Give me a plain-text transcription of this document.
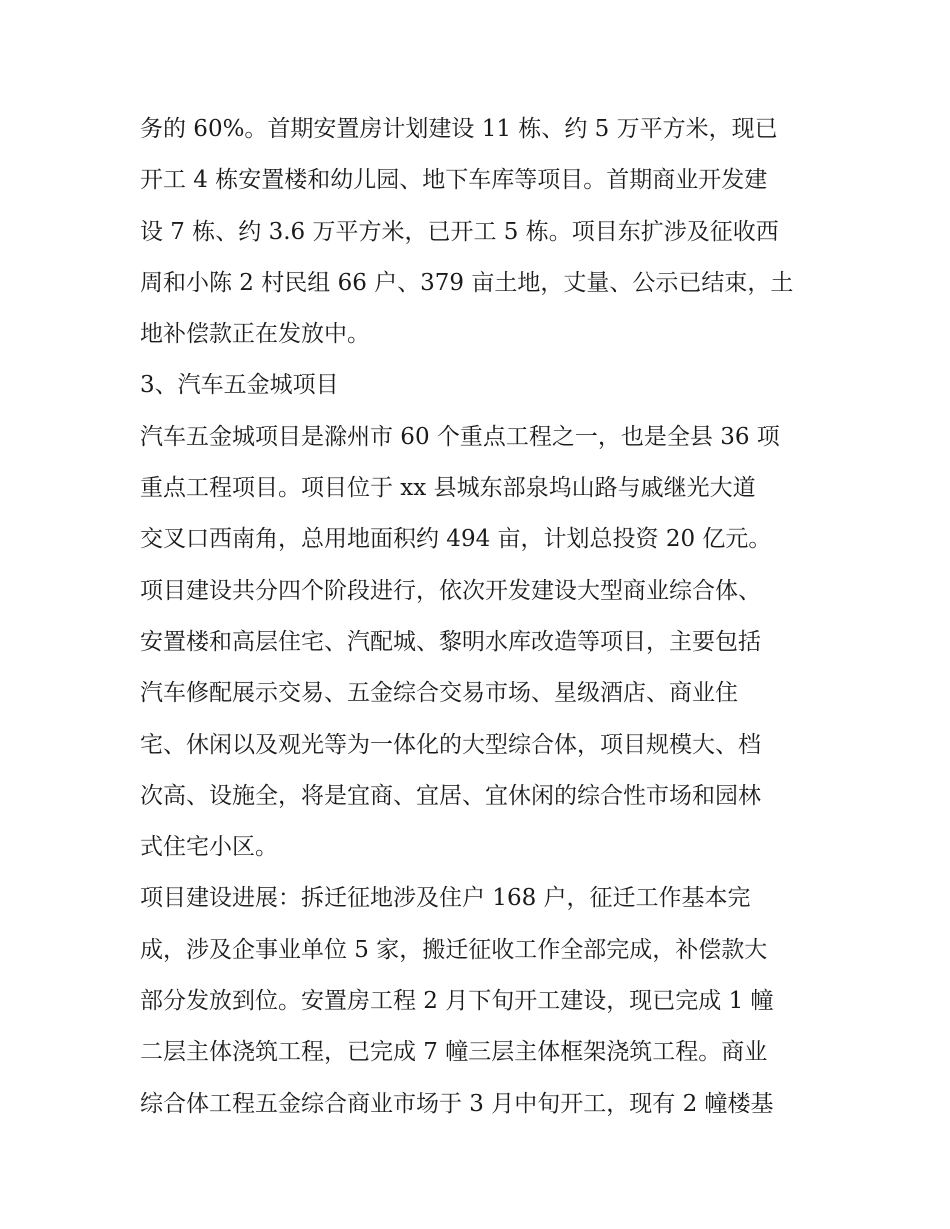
务的 60%。首期安置房计划建设 11 栋、约 5 万平方米，现已
开工 4 栋安置楼和幼儿园、地下车库等项目。首期商业开发建
设 7 栋、约 3.6 万平方米，已开工 5 栋。项目东扩涉及征收西
周和小陈 2 村民组 66 户、379 亩土地，丈量、公示已结束，土
地补偿款正在发放中。
3、汽车五金城项目
汽车五金城项目是滁州市 60 个重点工程之一，也是全县 36 项
重点工程项目。项目位于 xx 县城东部泉坞山路与戚继光大道
交叉口西南角，总用地面积约 494 亩，计划总投资 20 亿元。
项目建设共分四个阶段进行，依次开发建设大型商业综合体、
安置楼和高层住宅、汽配城、黎明水库改造等项目，主要包括
汽车修配展示交易、五金综合交易市场、星级酒店、商业住
宅、休闲以及观光等为一体化的大型综合体，项目规模大、档
次高、设施全，将是宜商、宜居、宜休闲的综合性市场和园林
式住宅小区。
项目建设进展：拆迁征地涉及住户 168 户，征迁工作基本完
成，涉及企事业单位 5 家，搬迁征收工作全部完成，补偿款大
部分发放到位。安置房工程 2 月下旬开工建设，现已完成 1 幢
二层主体浇筑工程，已完成 7 幢三层主体框架浇筑工程。商业
综合体工程五金综合商业市场于 3 月中旬开工，现有 2 幢楼基
